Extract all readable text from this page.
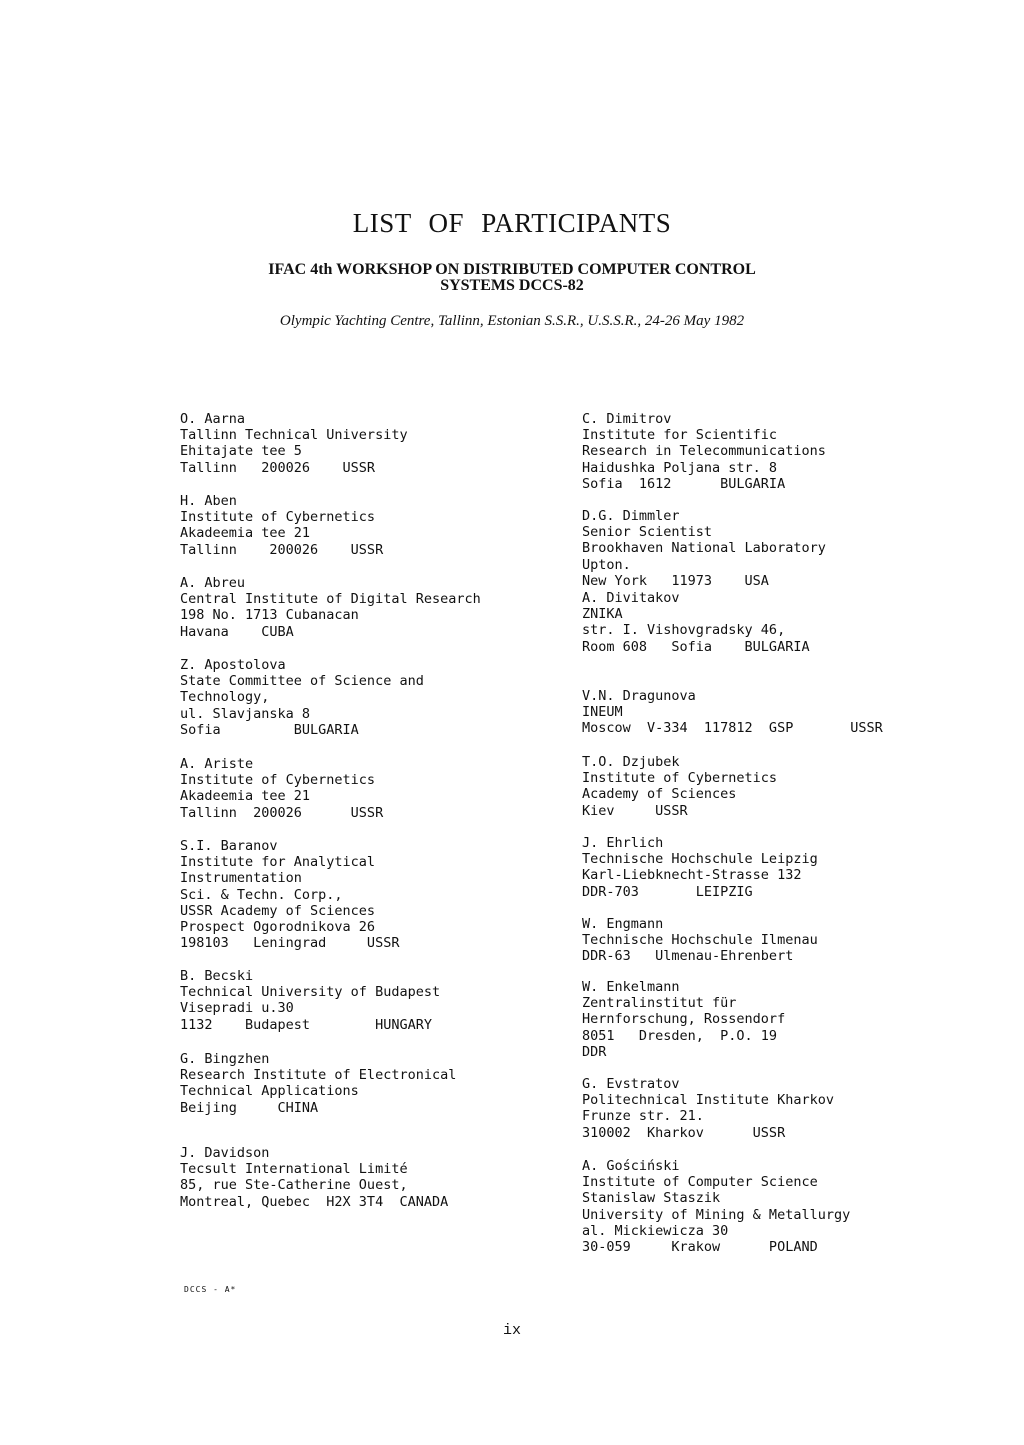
LIST OF PARTICIPANTS
IFAC 4th WORKSHOP ON DISTRIBUTED COMPUTER CONTROL
SYSTEMS DCCS-82
Olympic Yachting Centre, Tallinn, Estonian S.S.R., U.S.S.R., 24-26 May 1982
O. Aarna
Tallinn Technical University
Ehitajate tee 5
Tallinn   200026    USSR
H. Aben
Institute of Cybernetics
Akadeemia tee 21
Tallinn    200026    USSR
A. Abreu
Central Institute of Digital Research
198 No. 1713 Cubanacan
Havana    CUBA
Z. Apostolova
State Committee of Science and
Technology,
ul. Slavjanska 8
Sofia         BULGARIA
A. Ariste
Institute of Cybernetics
Akadeemia tee 21
Tallinn  200026      USSR
S.I. Baranov
Institute for Analytical
Instrumentation
Sci. & Techn. Corp.,
USSR Academy of Sciences
Prospect Ogorodnikova 26
198103   Leningrad     USSR
B. Becski
Technical University of Budapest
Visepradi u.30
1132    Budapest        HUNGARY
G. Bingzhen
Research Institute of Electronical
Technical Applications
Beijing     CHINA
J. Davidson
Tecsult International Limité
85, rue Ste-Catherine Ouest,
Montreal, Quebec  H2X 3T4  CANADA
C. Dimitrov
Institute for Scientific
Research in Telecommunications
Haidushka Poljana str. 8
Sofia  1612      BULGARIA
D.G. Dimmler
Senior Scientist
Brookhaven National Laboratory
Upton.
New York   11973    USA
A. Divitakov
ZNIKA
str. I. Vishovgradsky 46,
Room 608   Sofia    BULGARIA
V.N. Dragunova
INEUM
Moscow  V-334  117812  GSP       USSR
T.O. Dzjubek
Institute of Cybernetics
Academy of Sciences
Kiev     USSR
J. Ehrlich
Technische Hochschule Leipzig
Karl-Liebknecht-Strasse 132
DDR-703       LEIPZIG
W. Engmann
Technische Hochschule Ilmenau
DDR-63   Ulmenau-Ehrenbert
W. Enkelmann
Zentralinstitut für
Hernforschung, Rossendorf
8051   Dresden,  P.O. 19
DDR
G. Evstratov
Politechnical Institute Kharkov
Frunze str. 21.
310002  Kharkov      USSR
A. Gościński
Institute of Computer Science
Stanislaw Staszik
University of Mining & Metallurgy
al. Mickiewicza 30
30-059     Krakow      POLAND
DCCS - A*
ix
